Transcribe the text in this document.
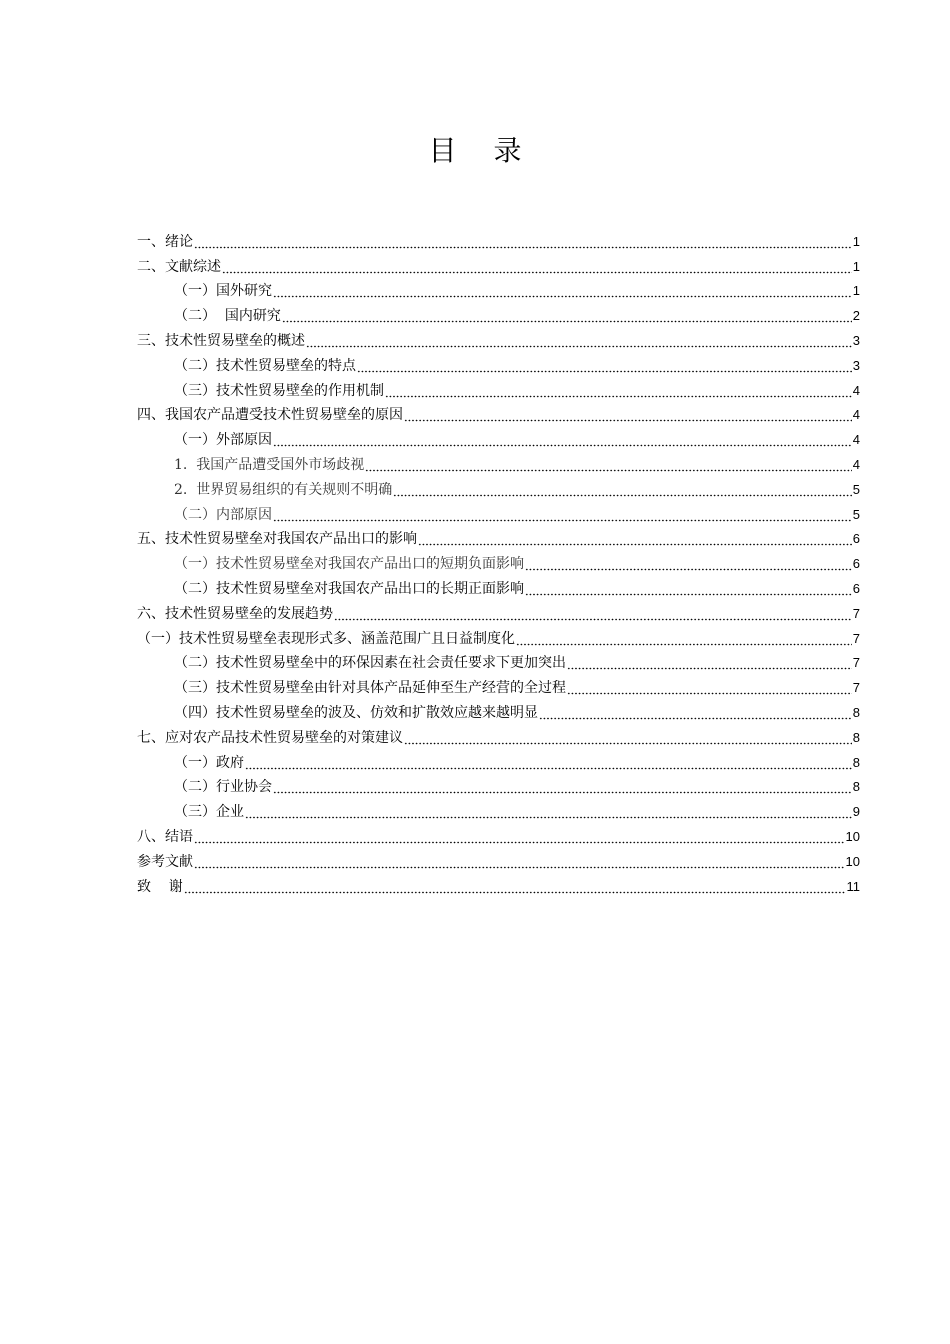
目 录
一、绪论	1
二、文献综述	1
（一）国外研究	1
（二）  国内研究	2
三、技术性贸易壁垒的概述	3
（二）技术性贸易壁垒的特点	3
（三）技术性贸易壁垒的作用机制	4
四、我国农产品遭受技术性贸易壁垒的原因	4
（一）外部原因	4
1.  我国产品遭受国外市场歧视	4
2.  世界贸易组织的有关规则不明确	5
（二）内部原因	5
五、技术性贸易壁垒对我国农产品出口的影响	6
（一）技术性贸易壁垒对我国农产品出口的短期负面影响	6
（二）技术性贸易壁垒对我国农产品出口的长期正面影响	6
六、技术性贸易壁垒的发展趋势	7
（一）技术性贸易壁垒表现形式多、涵盖范围广且日益制度化	7
（二）技术性贸易壁垒中的环保因素在社会责任要求下更加突出	7
（三）技术性贸易壁垒由针对具体产品延伸至生产经营的全过程	7
（四）技术性贸易壁垒的波及、仿效和扩散效应越来越明显	8
七、应对农产品技术性贸易壁垒的对策建议	8
（一）政府	8
（二）行业协会	8
（三）企业	9
八、结语	10
参考文献	10
致    谢	11
